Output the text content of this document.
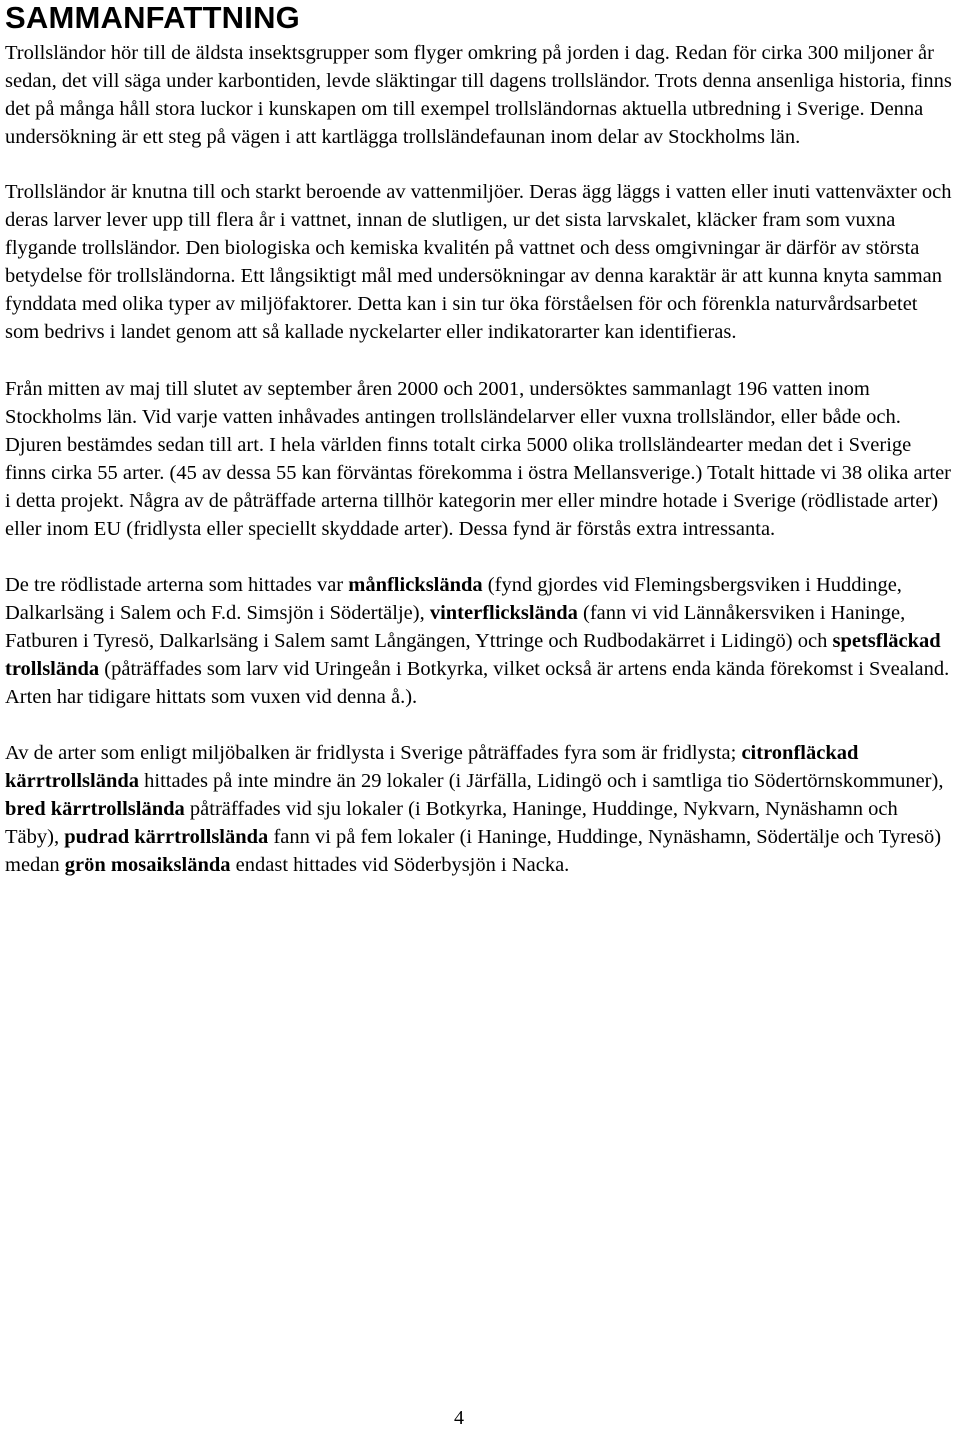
SAMMANFATTNING

Trollsländor hör till de äldsta insektsgrupper som flyger omkring på jorden i dag. Redan för cirka 300 miljoner år sedan, det vill säga under karbontiden, levde släktingar till dagens trollsländor. Trots denna ansenliga historia, finns det på många håll stora luckor i kunskapen om till exempel trollsländornas aktuella utbredning i Sverige. Denna undersökning är ett steg på vägen i att kartlägga trollsländefaunan inom delar av Stockholms län.

Trollsländor är knutna till och starkt beroende av vattenmiljöer. Deras ägg läggs i vatten eller inuti vattenväxter och deras larver lever upp till flera år i vattnet, innan de slutligen, ur det sista larvskalet, kläcker fram som vuxna flygande trollsländor. Den biologiska och kemiska kvalitén på vattnet och dess omgivningar är därför av största betydelse för trollsländorna. Ett långsiktigt mål med undersökningar av denna karaktär är att kunna knyta samman fynddata med olika typer av miljöfaktorer. Detta kan i sin tur öka förståelsen för och förenkla naturvårdsarbetet som bedrivs i landet genom att så kallade nyckelarter eller indikatorarter kan identifieras.

Från mitten av maj till slutet av september åren 2000 och 2001, undersöktes sammanlagt 196 vatten inom Stockholms län. Vid varje vatten inhåvades antingen trollsländelarver eller vuxna trollsländor, eller både och. Djuren bestämdes sedan till art. I hela världen finns totalt cirka 5000 olika trollsländearter medan det i Sverige finns cirka 55 arter. (45 av dessa 55 kan förväntas förekomma i östra Mellansverige.) Totalt hittade vi 38 olika arter i detta projekt. Några av de påträffade arterna tillhör kategorin mer eller mindre hotade i Sverige (rödlistade arter) eller inom EU (fridlysta eller speciellt skyddade arter). Dessa fynd är förstås extra intressanta.

De tre rödlistade arterna som hittades var månflickslända (fynd gjordes vid Flemingsbergsviken i Huddinge, Dalkarlsäng i Salem och F.d. Simsjön i Södertälje), vinterflickslända (fann vi vid Lännåkersviken i Haninge, Fatburen i Tyresö, Dalkarlsäng i Salem samt Långängen, Yttringe och Rudbodakärret i Lidingö) och spetsfläckad trollslända (påträffades som larv vid Uringeån i Botkyrka, vilket också är artens enda kända förekomst i Svealand. Arten har tidigare hittats som vuxen vid denna å.).

Av de arter som enligt miljöbalken är fridlysta i Sverige påträffades fyra som är fridlysta; citronfläckad kärrtrollslända hittades på inte mindre än 29 lokaler (i Järfälla, Lidingö och i samtliga tio Södertörnskommuner), bred kärrtrollslända påträffades vid sju lokaler (i Botkyrka, Haninge, Huddinge, Nykvarn, Nynäshamn och Täby), pudrad kärrtrollslända fann vi på fem lokaler (i Haninge, Huddinge, Nynäshamn, Södertälje och Tyresö) medan grön mosaikslända endast hittades vid Söderbysjön i Nacka.

4
